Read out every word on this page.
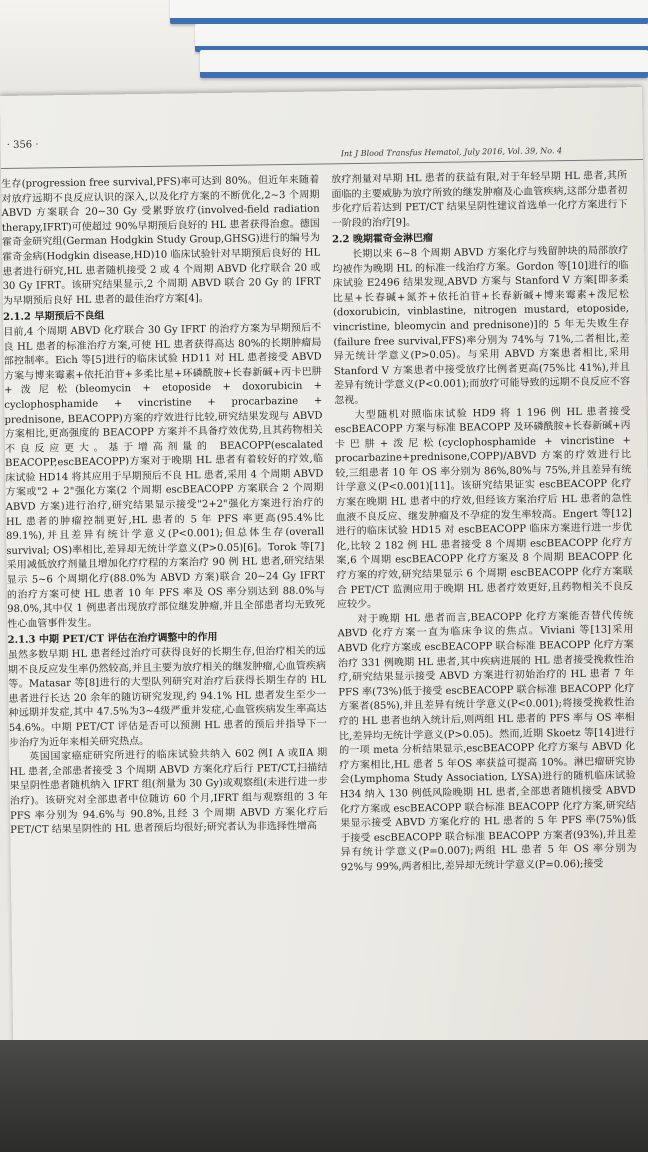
· 356 ·
Int J Blood Transfus Hematol, July 2016, Vol. 39, No. 4

生存(progression free survival,PFS)率可达到 80%。但近年来随着对放疗远期不良反应认识的深入,以及化疗方案的不断优化,2~3 个周期 ABVD 方案联合 20~30 Gy 受累野放疗(involved-field radiation therapy,IFRT)可使超过 90%早期预后良好的 HL 患者获得治愈。德国霍奇金研究组(German Hodgkin Study Group,GHSG)进行的编号为霍奇金病(Hodgkin disease,HD)10 临床试验针对早期预后良好的 HL 患者进行研究,HL 患者随机接受 2 或 4 个周期 ABVD 化疗联合 20 或 30 Gy IFRT。该研究结果显示,2 个周期 ABVD 联合 20 Gy 的 IFRT 为早期预后良好 HL 患者的最佳治疗方案[4]。

2.1.2 早期预后不良组

目前,4 个周期 ABVD 化疗联合 30 Gy IFRT 的治疗方案为早期预后不良 HL 患者的标准治疗方案,可使 HL 患者获得高达 80%的长期肿瘤局部控制率。Eich 等[5]进行的临床试验 HD11 对 HL 患者接受 ABVD 方案与博来霉素+依托泊苷+多柔比星+环磷酰胺+长春新碱+丙卡巴肼+泼尼松(bleomycin + etoposide + doxorubicin + cyclophosphamide + vincristine + procarbazine + prednisone, BEACOPP)方案的疗效进行比较,研究结果发现与 ABVD 方案相比,更高强度的 BEACOPP 方案并不具备疗效优势,且其药物相关不良反应更大。基于增高剂量的 BEACOPP(escalated BEACOPP,escBEACOPP)方案对于晚期 HL 患者有着较好的疗效,临床试验 HD14 将其应用于早期预后不良 HL 患者,采用 4 个周期 ABVD 方案或"2 + 2"强化方案(2 个周期 escBEACOPP 方案联合 2 个周期 ABVD 方案)进行治疗,研究结果显示接受"2+2"强化方案进行治疗的 HL 患者的肿瘤控制更好,HL 患者的 5 年 PFS 率更高(95.4%比 89.1%),并且差异有统计学意义(P<0.001);但总体生存(overall survival; OS)率相比,差异却无统计学意义(P>0.05)[6]。Torok 等[7]采用减低放疗剂量且增加化疗疗程的方案治疗 90 例 HL 患者,研究结果显示 5~6 个周期化疗(88.0%为 ABVD 方案)联合 20~24 Gy IFRT 的治疗方案可使 HL 患者 10 年 PFS 率及 OS 率分别达到 88.0%与 98.0%,其中仅 1 例患者出现放疗部位继发肿瘤,并且全部患者均无致死性心血管事件发生。

2.1.3 中期 PET/CT 评估在治疗调整中的作用

虽然多数早期 HL 患者经过治疗可获得良好的长期生存,但治疗相关的远期不良反应发生率仍然较高,并且主要为放疗相关的继发肿瘤,心血管疾病等。Matasar 等[8]进行的大型队列研究对治疗后获得长期生存的 HL 患者进行长达 20 余年的随访研究发现,约 94.1% HL 患者发生至少一种远期并发症,其中 47.5%为3~4级严重并发症,心血管疾病发生率高达 54.6%。中期 PET/CT 评估是否可以预测 HL 患者的预后并指导下一步治疗为近年来相关研究热点。

英国国家癌症研究所进行的临床试验共纳入 602 例Ⅰ A 或ⅡA 期 HL 患者,全部患者接受 3 个周期 ABVD 方案化疗后行 PET/CT,扫描结果呈阴性患者随机纳入 IFRT 组(剂量为 30 Gy)或观察组(未进行进一步治疗)。该研究对全部患者中位随访 60 个月,IFRT 组与观察组的 3 年 PFS 率分别为 94.6%与 90.8%,且经 3 个周期 ABVD 方案化疗后 PET/CT 结果呈阴性的 HL 患者预后均很好;研究者认为非选择性增高

放疗剂量对早期 HL 患者的获益有限,对于年轻早期 HL 患者,其所面临的主要威胁为放疗所致的继发肿瘤及心血管疾病,这部分患者初步化疗后若达到 PET/CT 结果呈阴性建议首选单一化疗方案进行下一阶段的治疗[9]。

2.2 晚期霍奇金淋巴瘤

长期以来 6~8 个周期 ABVD 方案化疗与残留肿块的局部放疗均被作为晚期 HL 的标准一线治疗方案。Gordon 等[10]进行的临床试验 E2496 结果发现,ABVD 方案与 Stanford V 方案[即多柔比星+长春碱+氮芥+依托泊苷+长春新碱+博来霉素+泼尼松(doxorubicin, vinblastine, nitrogen mustard, etoposide, vincristine, bleomycin and prednisone)]的 5 年无失败生存(failure free survival,FFS)率分别为 74%与 71%,二者相比,差异无统计学意义(P>0.05)。与采用 ABVD 方案患者相比,采用 Stanford V 方案患者中接受放疗比例者更高(75%比 41%),并且差异有统计学意义(P<0.001);而放疗可能导致的远期不良反应不容忽视。

大型随机对照临床试验 HD9 将 1 196 例 HL 患者接受 escBEACOPP 方案与标准 BEACOPP 及环磷酰胺+长春新碱+丙卡巴肼+泼尼松(cyclophosphamide + vincristine + procarbazine+prednisone,COPP)/ABVD 方案的疗效进行比较,三组患者 10 年 OS 率分别为 86%,80%与 75%,并且差异有统计学意义(P<0.001)[11]。该研究结果证实 escBEACOPP 化疗方案在晚期 HL 患者中的疗效,但经该方案治疗后 HL 患者的急性血液不良反应、继发肿瘤及不孕症的发生率较高。Engert 等[12]进行的临床试验 HD15 对 escBEACOPP 临床方案进行进一步优化,比较 2 182 例 HL 患者接受 8 个周期 escBEACOPP 化疗方案,6 个周期 escBEACOPP 化疗方案及 8 个周期 BEACOPP 化疗方案的疗效,研究结果显示 6 个周期 escBEACOPP 化疗方案联合 PET/CT 监测应用于晚期 HL 患者疗效更好,且药物相关不良反应较少。

对于晚期 HL 患者而言,BEACOPP 化疗方案能否替代传统 ABVD 化疗方案一直为临床争议的焦点。Viviani 等[13]采用 ABVD 化疗方案或 escBEACOPP 联合标准 BEACOPP 化疗方案治疗 331 例晚期 HL 患者,其中疾病进展的 HL 患者接受挽救性治疗,研究结果显示接受 ABVD 方案进行初始治疗的 HL 患者 7 年 PFS 率(73%)低于接受 escBEACOPP 联合标准 BEACOPP 化疗方案者(85%),并且差异有统计学意义(P<0.001);将接受挽救性治疗的 HL 患者也纳入统计后,则两组 HL 患者的 PFS 率与 OS 率相比,差异均无统计学意义(P>0.05)。然而,近期 Skoetz 等[14]进行的一项 meta 分析结果显示,escBEACOPP 化疗方案与 ABVD 化疗方案相比,HL 患者 5 年OS 率获益可提高 10%。淋巴瘤研究协会(Lymphoma Study Association, LYSA)进行的随机临床试验 H34 纳入 130 例低风险晚期 HL 患者,全部患者随机接受 ABVD 化疗方案或 escBEACOPP 联合标准 BEACOPP 化疗方案,研究结果显示接受 ABVD 方案化疗的 HL 患者的 5 年 PFS 率(75%)低于接受 escBEACOPP 联合标准 BEACOPP 方案者(93%),并且差异有统计学意义(P=0.007);两组 HL 患者 5 年 OS 率分别为 92%与 99%,两者相比,差异却无统计学意义(P=0.06);接受
